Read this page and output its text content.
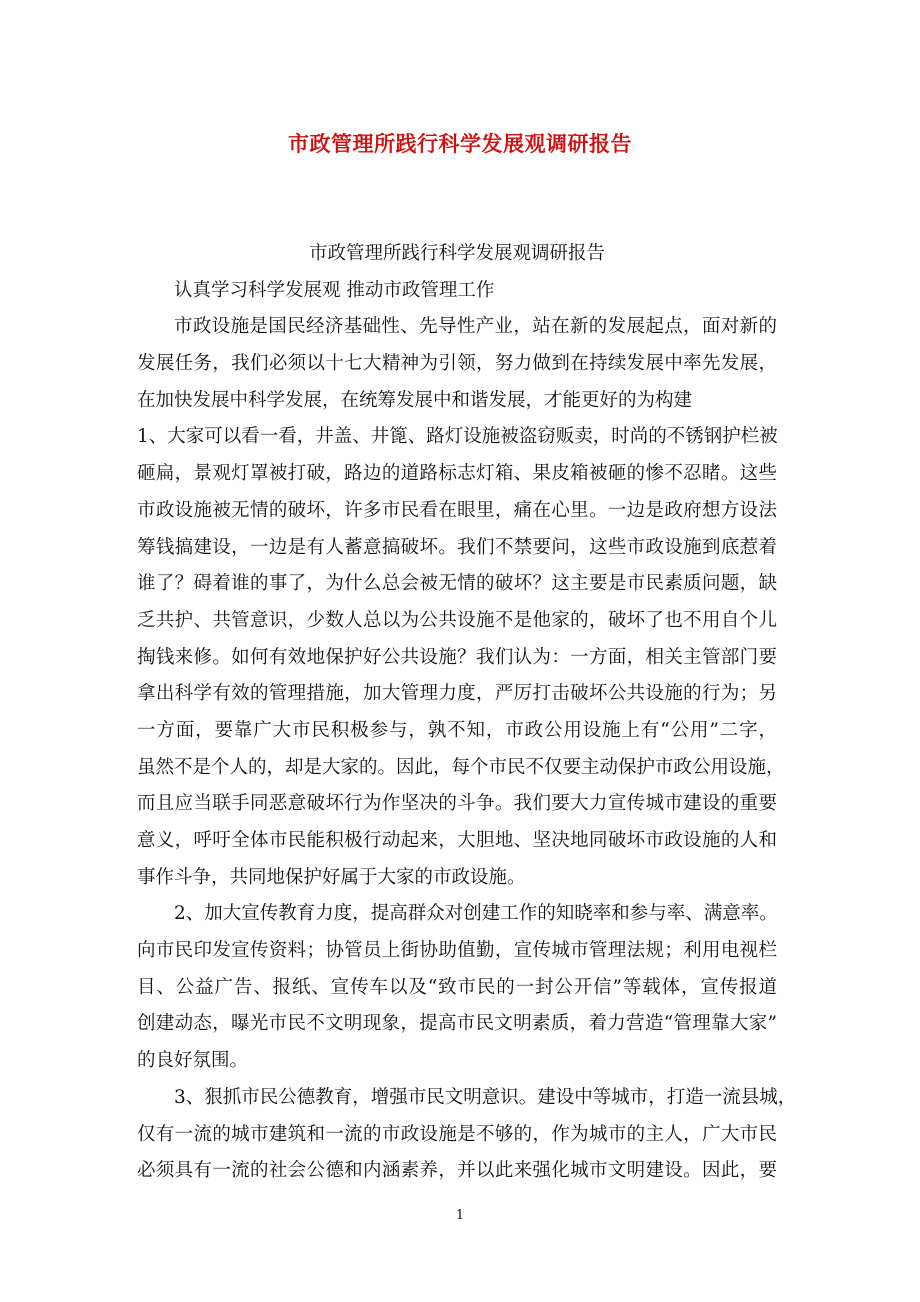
市政管理所践行科学发展观调研报告
市政管理所践行科学发展观调研报告
认真学习科学发展观 推动市政管理工作
市政设施是国民经济基础性、先导性产业，站在新的发展起点，面对新的
发展任务，我们必须以十七大精神为引领，努力做到在持续发展中率先发展，
在加快发展中科学发展，在统筹发展中和谐发展，才能更好的为构建
1、大家可以看一看，井盖、井篦、路灯设施被盗窃贩卖，时尚的不锈钢护栏被
砸扁，景观灯罩被打破，路边的道路标志灯箱、果皮箱被砸的惨不忍睹。这些
市政设施被无情的破坏，许多市民看在眼里，痛在心里。一边是政府想方设法
筹钱搞建设，一边是有人蓄意搞破坏。我们不禁要问，这些市政设施到底惹着
谁了？碍着谁的事了，为什么总会被无情的破坏？这主要是市民素质问题，缺
乏共护、共管意识，少数人总以为公共设施不是他家的，破坏了也不用自个儿
掏钱来修。如何有效地保护好公共设施？我们认为：一方面，相关主管部门要
拿出科学有效的管理措施，加大管理力度，严厉打击破坏公共设施的行为；另
一方面，要靠广大市民积极参与，孰不知，市政公用设施上有“公用”二字，
虽然不是个人的，却是大家的。因此，每个市民不仅要主动保护市政公用设施，
而且应当联手同恶意破坏行为作坚决的斗争。我们要大力宣传城市建设的重要
意义，呼吁全体市民能积极行动起来，大胆地、坚决地同破坏市政设施的人和
事作斗争，共同地保护好属于大家的市政设施。
2、加大宣传教育力度，提高群众对创建工作的知晓率和参与率、满意率。
向市民印发宣传资料；协管员上街协助值勤，宣传城市管理法规；利用电视栏
目、公益广告、报纸、宣传车以及“致市民的一封公开信”等载体，宣传报道
创建动态，曝光市民不文明现象，提高市民文明素质，着力营造“管理靠大家”
的良好氛围。
3、狠抓市民公德教育，增强市民文明意识。建设中等城市，打造一流县城，
仅有一流的城市建筑和一流的市政设施是不够的，作为城市的主人，广大市民
必须具有一流的社会公德和内涵素养，并以此来强化城市文明建设。因此，要
1
